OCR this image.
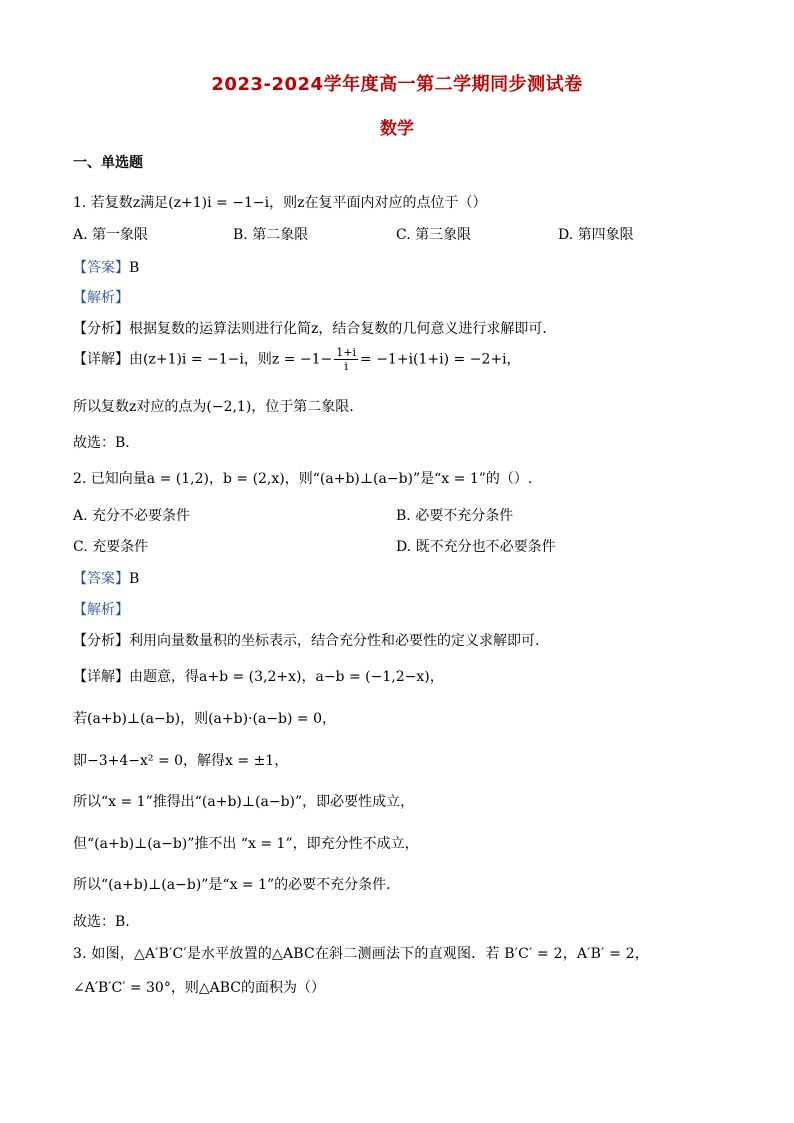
2023-2024学年度高一第二学期同步测试卷
数学
一、单选题
1. 若复数z满足(z+1)i = −1−i，则z在复平面内对应的点位于（）
A. 第一象限	B. 第二象限	C. 第三象限	D. 第四象限
【答案】B
【解析】
【分析】根据复数的运算法则进行化简z，结合复数的几何意义进行求解即可．
【详解】由(z+1)i = −1−i，则$z = -1- \frac{1+i}{i} = -1+i(1+i) = -2+i$，
所以复数z对应的点为(−2,1)，位于第二象限.
故选：B.
2. 已知向量a = (1,2)，b = (2,x)，则“(a+b)⊥(a−b)”是“x = 1”的（）.
A. 充分不必要条件	B. 必要不充分条件
C. 充要条件	D. 既不充分也不必要条件
【答案】B
【解析】
【分析】利用向量数量积的坐标表示，结合充分性和必要性的定义求解即可.
【详解】由题意，得a+b = (3,2+x)，a−b = (−1,2−x)，
若(a+b)⊥(a−b)，则(a+b)·(a−b) = 0，
即−3+4−x² = 0，解得x = ±1，
所以“x = 1”推得出“(a+b)⊥(a−b)”，即必要性成立，
但“(a+b)⊥(a−b)”推不出 “x = 1”，即充分性不成立，
所以“(a+b)⊥(a−b)”是“x = 1”的必要不充分条件.
故选：B.
3. 如图，△A′B′C′是水平放置的△ABC在斜二测画法下的直观图．若 B′C′ = 2，A′B′ = 2，
∠A′B′C′ = 30°，则△ABC的面积为（）
